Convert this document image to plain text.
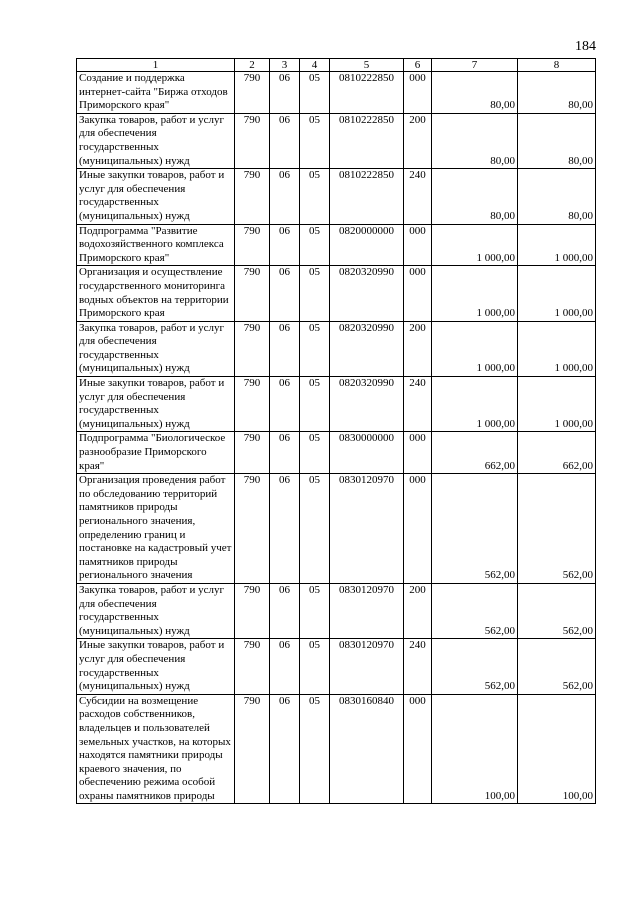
184
1	2	3	4	5	6	7	8
Создание и поддержка интернет-сайта "Биржа отходов Приморского края"	790	06	05	0810222850	000	80,00	80,00
Закупка товаров, работ и услуг для обеспечения государственных (муниципальных) нужд	790	06	05	0810222850	200	80,00	80,00
Иные закупки товаров, работ и услуг для обеспечения государственных (муниципальных) нужд	790	06	05	0810222850	240	80,00	80,00
Подпрограмма "Развитие водохозяйственного комплекса Приморского края"	790	06	05	0820000000	000	1 000,00	1 000,00
Организация и осуществление государственного мониторинга водных объектов на территории Приморского края	790	06	05	0820320990	000	1 000,00	1 000,00
Закупка товаров, работ и услуг для обеспечения государственных (муниципальных) нужд	790	06	05	0820320990	200	1 000,00	1 000,00
Иные закупки товаров, работ и услуг для обеспечения государственных (муниципальных) нужд	790	06	05	0820320990	240	1 000,00	1 000,00
Подпрограмма "Биологическое разнообразие Приморского края"	790	06	05	0830000000	000	662,00	662,00
Организация проведения работ по обследованию территорий памятников природы регионального значения, определению границ и постановке на кадастровый учет памятников природы регионального значения	790	06	05	0830120970	000	562,00	562,00
Закупка товаров, работ и услуг для обеспечения государственных (муниципальных) нужд	790	06	05	0830120970	200	562,00	562,00
Иные закупки товаров, работ и услуг для обеспечения государственных (муниципальных) нужд	790	06	05	0830120970	240	562,00	562,00
Субсидии на возмещение расходов собственников, владельцев и пользователей земельных участков, на которых находятся памятники природы краевого значения, по обеспечению режима особой охраны памятников природы	790	06	05	0830160840	000	100,00	100,00
